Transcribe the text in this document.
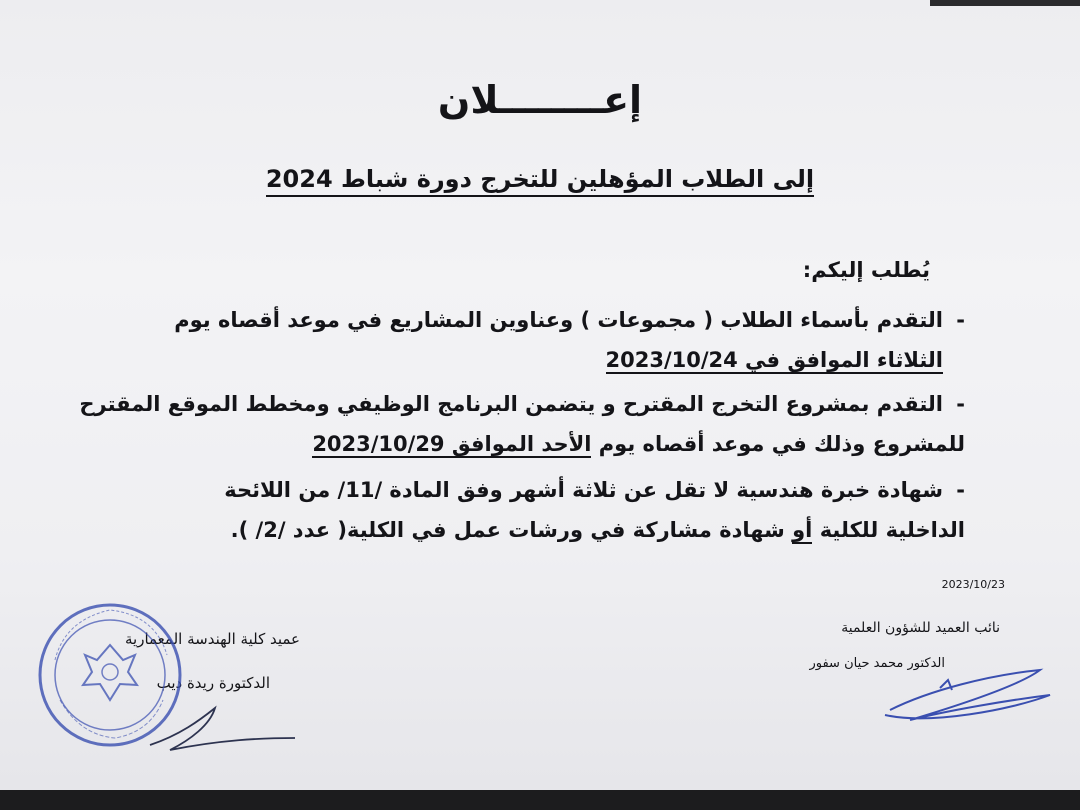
إعــــــــلان
إلى الطلاب المؤهلين للتخرج دورة شباط 2024
يُطلب إليكم:
-التقدم بأسماء الطلاب ( مجموعات ) وعناوين المشاريع في موعد أقصاه يوم
الثلاثاء الموافق في 2023/10/24
-التقدم بمشروع التخرج المقترح و يتضمن البرنامج الوظيفي ومخطط الموقع المقترح
للمشروع وذلك في موعد أقصاه يوم الأحد الموافق 2023/10/29
-شهادة خبرة هندسية لا تقل عن ثلاثة أشهر وفق المادة /11/ من اللائحة
الداخلية للكلية أو شهادة مشاركة في ورشات عمل في الكلية( عدد /2/ ).
2023/10/23
نائب العميد للشؤون العلمية
الدكتور محمد حيان سفور
عميد كلية الهندسة المعمارية
الدكتورة ريدة ديب
